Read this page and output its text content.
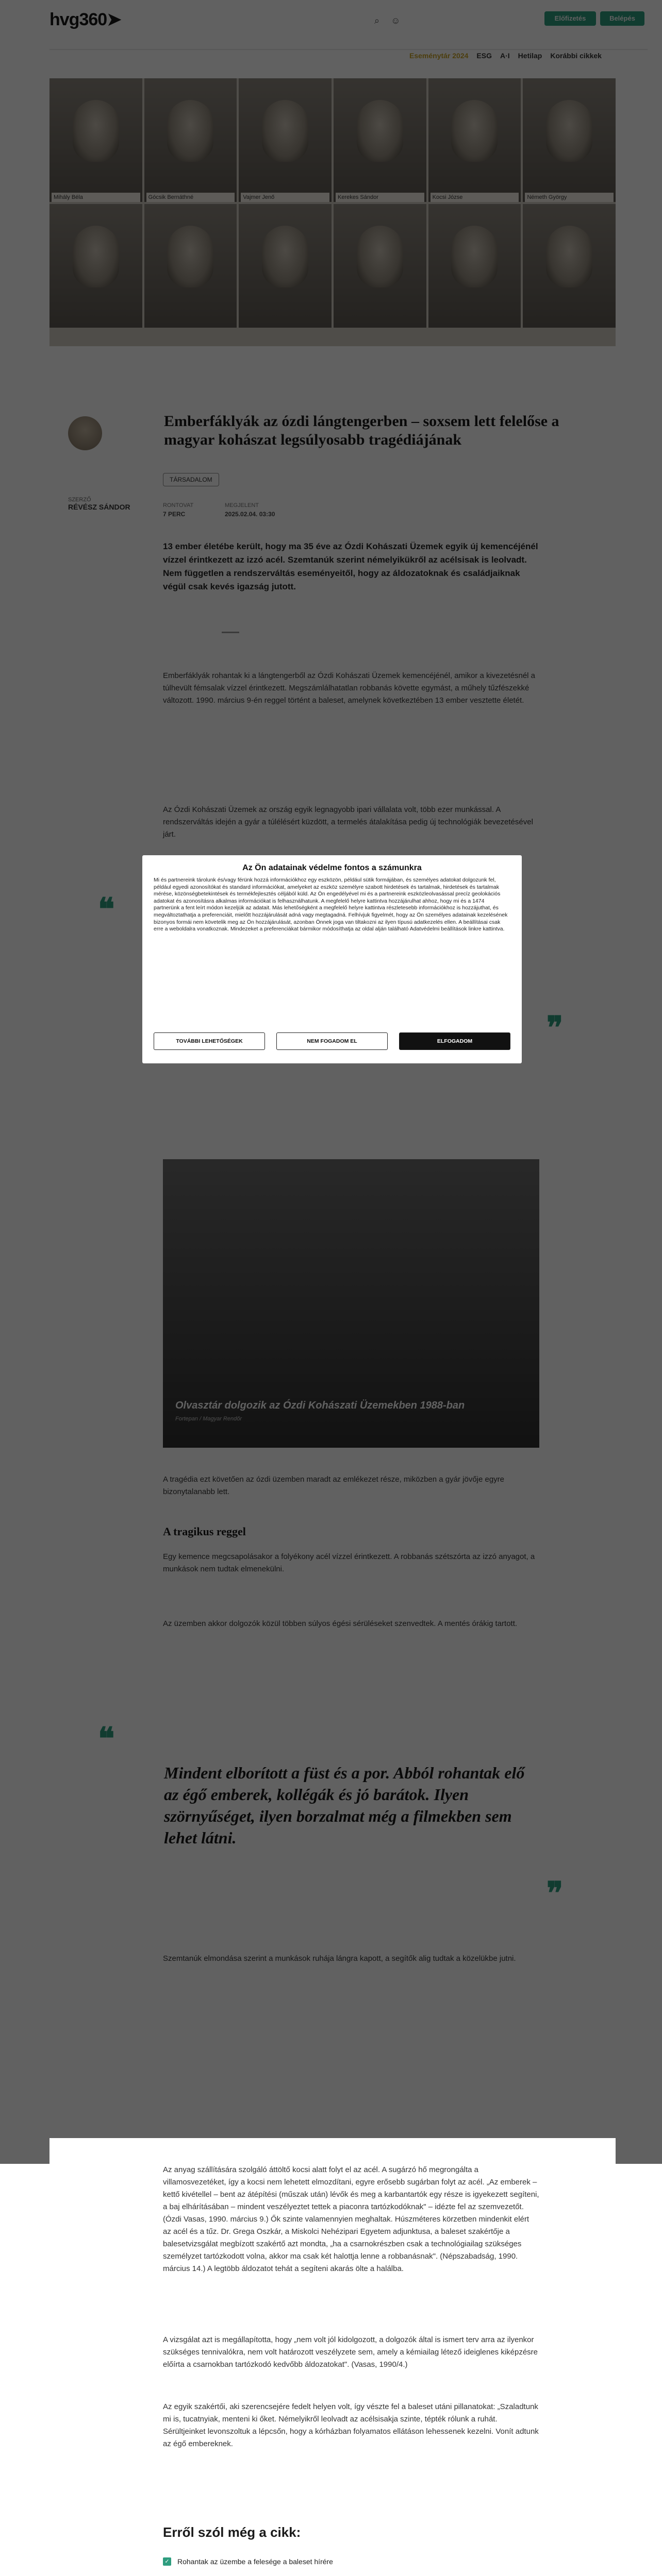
Az Ön adatainak védelme fontos a számunkra
Mi és partnereink tárolunk és/vagy férünk hozzá információkhoz egy eszközön, például sütik formájában, és személyes adatokat dolgozunk fel, például egyedi azonosítókat és standard információkat, amelyeket az eszköz személyre szabott hirdetések és tartalmak, hirdetések és tartalmak mérése, közönségbetekintések és termékfejlesztés céljából küld. Az Ön engedélyével mi és a partnereink eszközleolvasással precíz geolokációs adatokat és azonosításra alkalmas információkat is felhasználhatunk. A megfelelő helyre kattintva hozzájárulhat ahhoz, hogy mi és a 1474 partnerünk a fent leírt módon kezeljük az adatait. Más lehetőségként a megfelelő helyre kattintva részletesebb információkhoz is hozzájuthat, és megváltoztathatja a preferenciáit, mielőtt hozzájárulását adná vagy megtagadná. Felhívjuk figyelmét, hogy az Ön személyes adatainak kezelésének bizonyos formái nem követelik meg az Ön hozzájárulását, azonban Önnek joga van tiltakozni az ilyen típusú adatkezelés ellen. A beállításai csak erre a weboldalra vonatkoznak. Mindezeket a preferenciákat bármikor módosíthatja az oldal alján található Adatvédelmi beállítások linkre kattintva.
TOVÁBBI LEHETŐSÉGEK	NEM FOGADOM EL	ELFOGADOM

Az anyag szállítására szolgáló áttöltő kocsi alatt folyt el az acél. A sugárzó hő megrongálta a villamosvezetéket, így a kocsi nem lehetett elmozdítani, egyre erősebb sugárban folyt az acél. „Az emberek – kettő kivétellel – bent az átépítési (műszak után) lévők és meg a karbantartók egy része is igyekezett segíteni, a baj elhárításában – mindent veszélyeztet tettek a piaconra tartózkodóknak" – idézte fel az szemvezetőt. (Ózdi Vasas, 1990. március 9.) Ők szinte valamennyien meghaltak. Húszméteres körzetben mindenkit elért az acél és a tűz. Dr. Grega Oszkár, a Miskolci Nehézipari Egyetem adjunktusa, a baleset szakértője a balesetvizsgálat megbízott szakértő azt mondta, „ha a csarnokrészben csak a technológiailag szükséges személyzet tartózkodott volna, akkor ma csak két halottja lenne a robbanásnak". (Népszabadság, 1990. március 14.) A legtöbb áldozatot tehát a segíteni akarás ölte a halálba.

A vizsgálat azt is megállapította, hogy „nem volt jól kidolgozott, a dolgozók által is ismert terv arra az ilyenkor szükséges tennivalókra, nem volt határozott veszélyzete sem, amely a kémiailag létező ideiglenes kiképzésre előírta a csarnokban tartózkodó kedvőbb áldozatokat". (Vasas, 1990/4.)

Az egyik szakértői, aki szerencsejére fedelt helyen volt, így vészte fel a baleset utáni pillanatokat: „Szaladtunk mi is, tucatnyiak, menteni ki őket. Némelyikről leolvadt az acélsisakja szinte, tépték rólunk a ruhát. Sérültjeinket levonszoltuk a lépcsőn, hogy a kórházban folyamatos ellátáson lehessenek kezelni. Vonít adtunk az égő embereknek.

Erről szól még a cikk:
✓ Rohantak az üzembe a felesége a baleset hírére
